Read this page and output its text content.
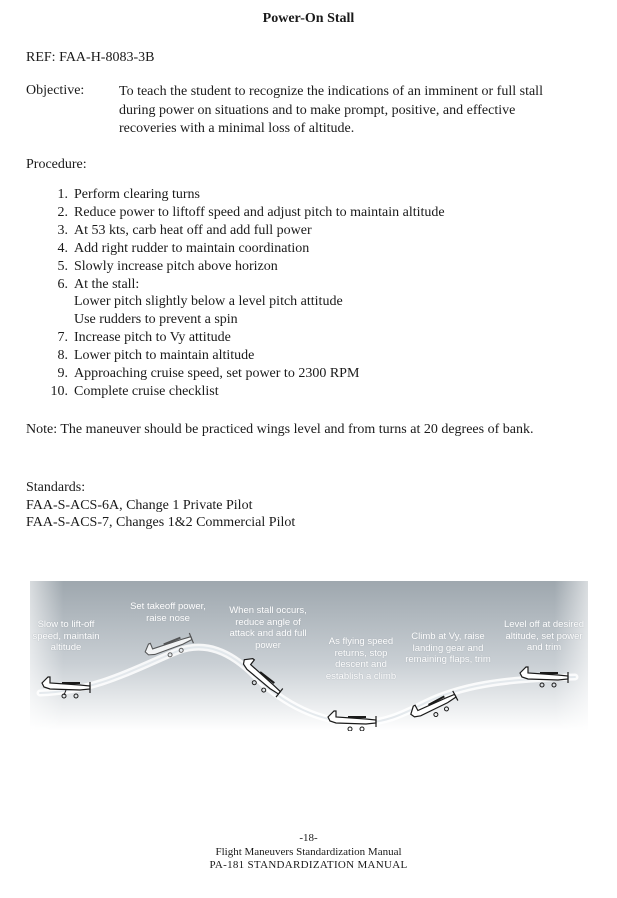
Power-On Stall
REF: FAA-H-8083-3B
Objective:	To teach the student to recognize the indications of an imminent or full stall during power on situations and to make prompt, positive, and effective recoveries with a minimal loss of altitude.
Procedure:
1. Perform clearing turns
2. Reduce power to liftoff speed and adjust pitch to maintain altitude
3. At 53 kts, carb heat off and add full power
4. Add right rudder to maintain coordination
5. Slowly increase pitch above horizon
6. At the stall:
Lower pitch slightly below a level pitch attitude
Use rudders to prevent a spin
7. Increase pitch to Vy attitude
8. Lower pitch to maintain altitude
9. Approaching cruise speed, set power to 2300 RPM
10. Complete cruise checklist
Note: The maneuver should be practiced wings level and from turns at 20 degrees of bank.
Standards:
FAA-S-ACS-6A, Change 1 Private Pilot
FAA-S-ACS-7, Changes 1&2 Commercial Pilot
Slow to lift-off speed, maintain altitude
Set takeoff power, raise nose
When stall occurs, reduce angle of attack and add full power	As flying speed returns, stop descent and establish a climb
Climb at Vy, raise landing gear and remaining flaps, trim
Level off at desired altitude, set power and trim
-18-
Flight Maneuvers Standardization Manual
PA-181 STANDARDIZATION MANUAL
